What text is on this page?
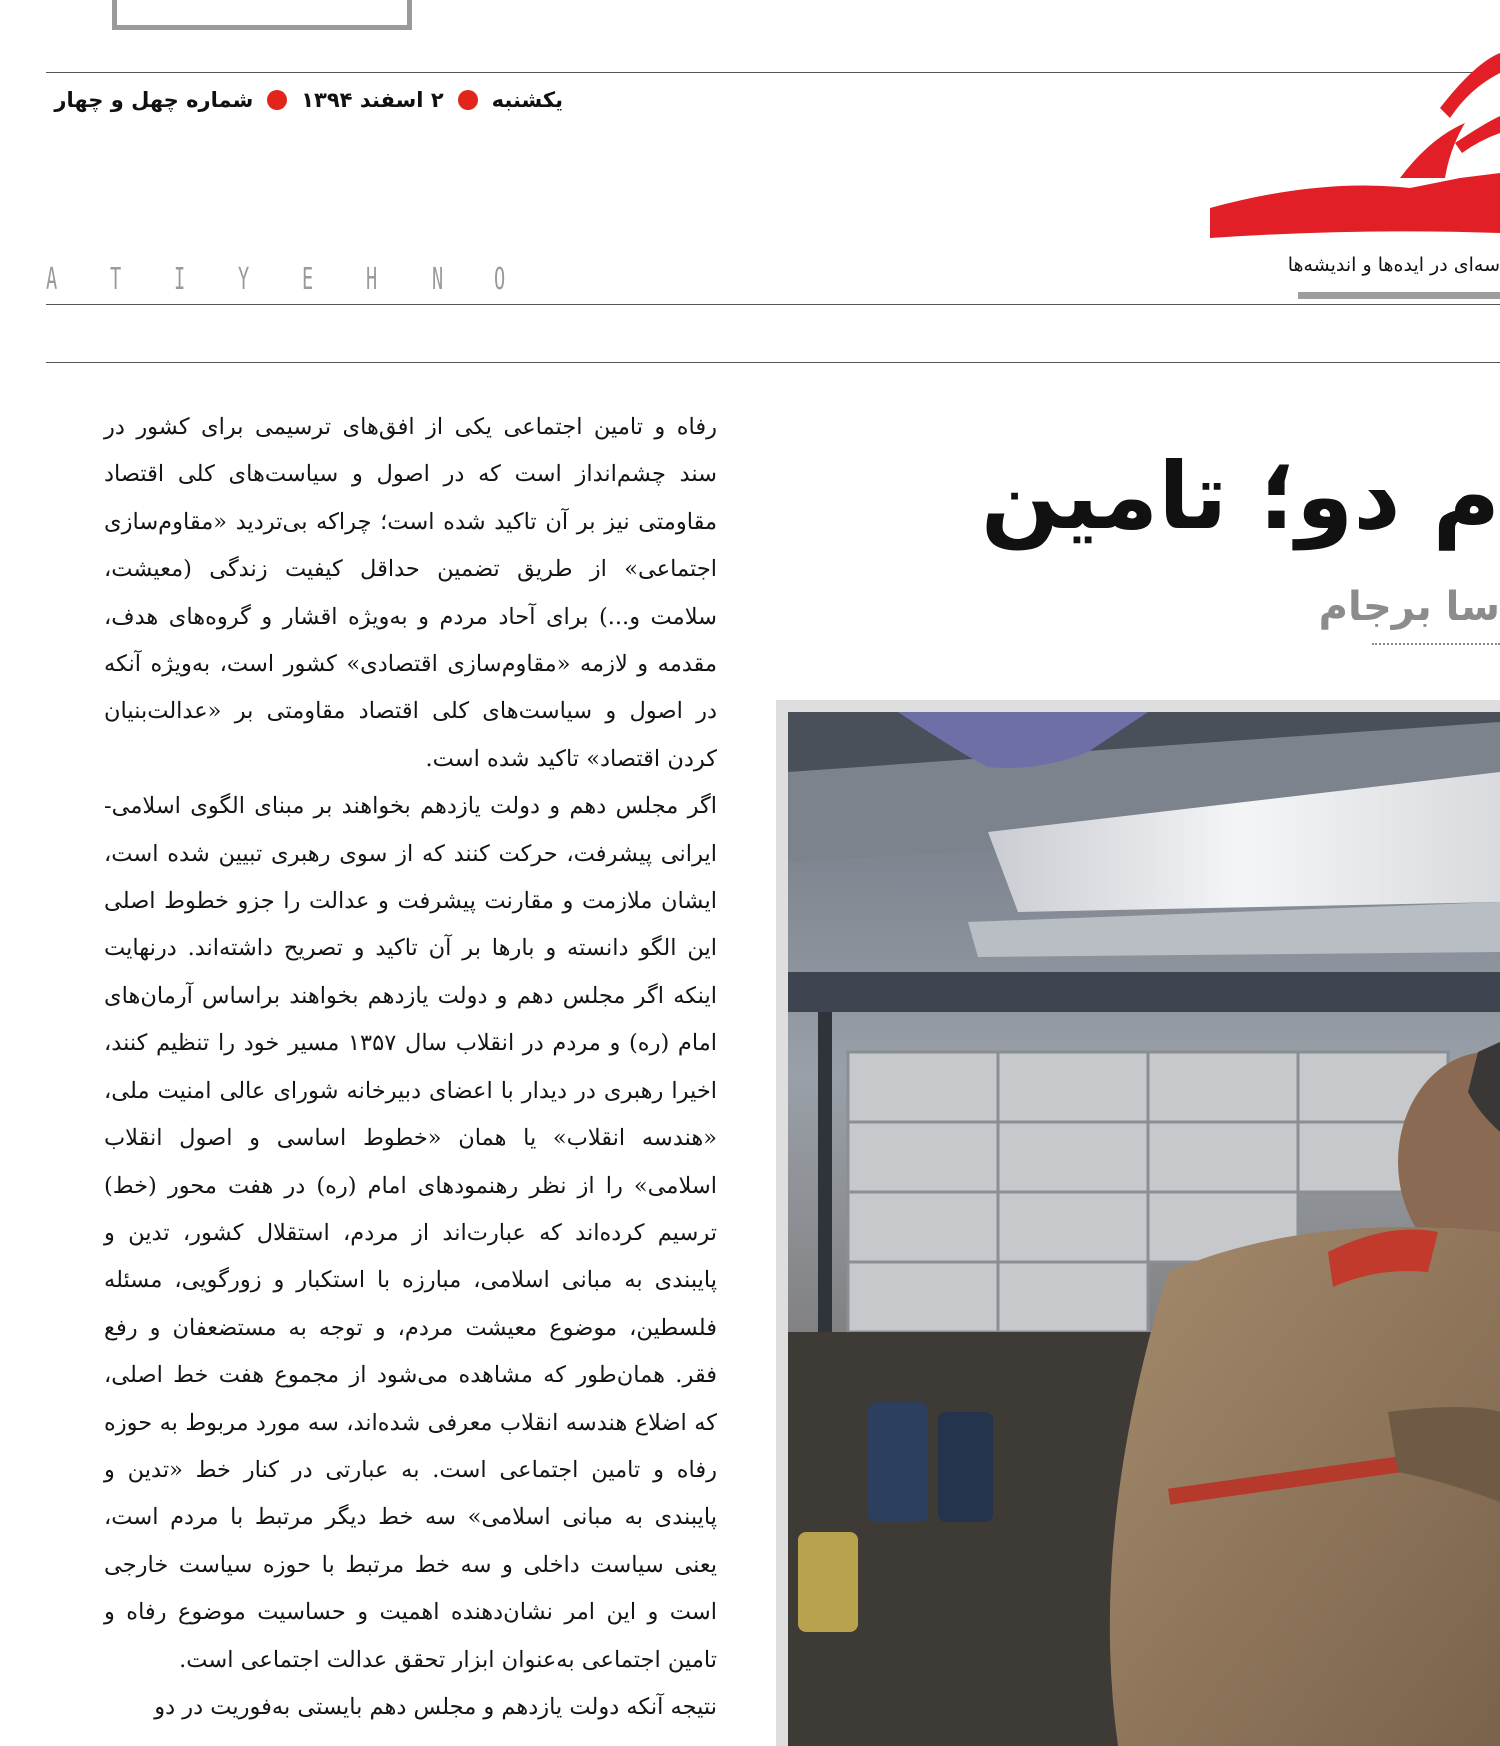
یکشنبه
۲ اسفند ۱۳۹۴
شماره چهل و چهار
سه‌ای در ایده‌ها و اندیشه‌ها
A T I Y E H N O
م دو؛ تامین
سا برجام

رفاه و تامین اجتماعی یکی از افق‌های ترسیمی برای کشور در سند چشم‌انداز است که در اصول و سیاست‌های کلی اقتصاد مقاومتی نیز بر آن تاکید شده است؛ چراکه بی‌تردید «مقاوم‌سازی اجتماعی» از طریق تضمین حداقل کیفیت زندگی (معیشت، سلامت و...) برای آحاد مردم و به‌ویژه اقشار و گروه‌های هدف، مقدمه و لازمه «مقاوم‌سازی اقتصادی» کشور است، به‌ویژه آنکه در اصول و سیاست‌های کلی اقتصاد مقاومتی بر «عدالت‌بنیان کردن اقتصاد» تاکید شده است.

اگر مجلس دهم و دولت یازدهم بخواهند بر مبنای الگوی اسلامی- ایرانی پیشرفت، حرکت کنند که از سوی رهبری تبیین شده است، ایشان ملازمت و مقارنت پیشرفت و عدالت را جزو خطوط اصلی این الگو دانسته و بارها بر آن تاکید و تصریح داشته‌اند. درنهایت اینکه اگر مجلس دهم و دولت یازدهم بخواهند براساس آرمان‌های امام (ره) و مردم در انقلاب سال ۱۳۵۷ مسیر خود را تنظیم کنند، اخیرا رهبری در دیدار با اعضای دبیرخانه شورای عالی امنیت ملی، «هندسه انقلاب» یا همان «خطوط اساسی و اصول انقلاب اسلامی» را از نظر رهنمودهای امام (ره) در هفت محور (خط) ترسیم کرده‌اند که عبارت‌اند از مردم، استقلال کشور، تدین و پایبندی به مبانی اسلامی، مبارزه با استکبار و زورگویی، مسئله فلسطین، موضوع معیشت مردم، و توجه به مستضعفان و رفع فقر. همان‌طور که مشاهده می‌شود از مجموع هفت خط اصلی، که اضلاع هندسه انقلاب معرفی شده‌اند، سه مورد مربوط به حوزه رفاه و تامین اجتماعی است. به عبارتی در کنار خط «تدین و پایبندی به مبانی اسلامی» سه خط دیگر مرتبط با مردم است، یعنی سیاست داخلی و سه خط مرتبط با حوزه سیاست خارجی است و این امر نشان‌دهنده اهمیت و حساسیت موضوع رفاه و تامین اجتماعی به‌عنوان ابزار تحقق عدالت اجتماعی است.

نتیجه آنکه دولت یازدهم و مجلس دهم بایستی به‌فوریت در دو
